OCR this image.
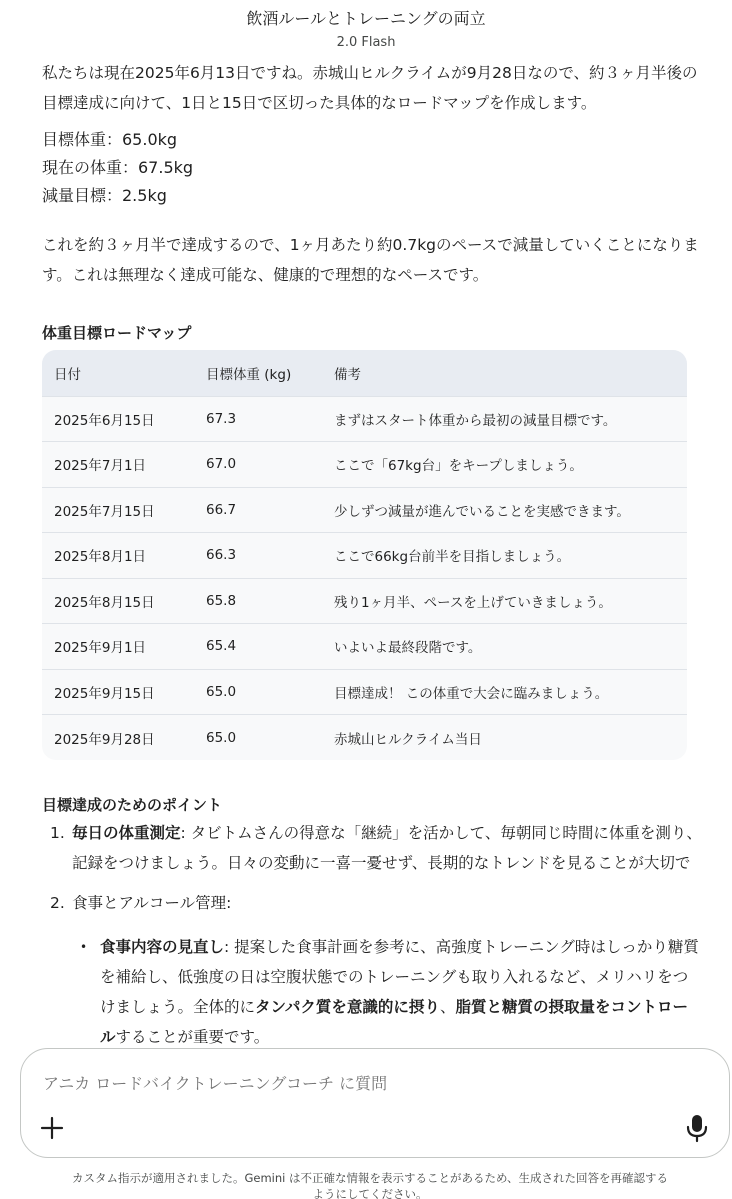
飲酒ルールとトレーニングの両立
2.0 Flash

私たちは現在2025年6月13日ですね。赤城山ヒルクライムが9月28日なので、約３ヶ月半後の目標達成に向けて、1日と15日で区切った具体的なロードマップを作成します。

目標体重：65.0kg
現在の体重：67.5kg
減量目標：2.5kg

これを約３ヶ月半で達成するので、1ヶ月あたり約0.7kgのペースで減量していくことになります。これは無理なく達成可能な、健康的で理想的なペースです。

体重目標ロードマップ
日付	目標体重 (kg)	備考
2025年6月15日	67.3	まずはスタート体重から最初の減量目標です。
2025年7月1日	67.0	ここで「67kg台」をキープしましょう。
2025年7月15日	66.7	少しずつ減量が進んでいることを実感できます。
2025年8月1日	66.3	ここで66kg台前半を目指しましょう。
2025年8月15日	65.8	残り1ヶ月半、ペースを上げていきましょう。
2025年9月1日	65.4	いよいよ最終段階です。
2025年9月15日	65.0	目標達成！ この体重で大会に臨みましょう。
2025年9月28日	65.0	赤城山ヒルクライム当日
目標達成のためのポイント
1. 毎日の体重測定: タビトムさんの得意な「継続」を活かして、毎朝同じ時間に体重を測り、記録をつけましょう。日々の変動に一喜一憂せず、長期的なトレンドを見ることが大切で
2. 食事とアルコール管理:
• 食事内容の見直し: 提案した食事計画を参考に、高強度トレーニング時はしっかり糖質を補給し、低強度の日は空腹状態でのトレーニングも取り入れるなど、メリハリをつけましょう。全体的にタンパク質を意識的に摂り、脂質と糖質の摂取量をコントロールすることが重要です。
アニカ ロードバイクトレーニングコーチ に質問
カスタム指示が適用されました。Gemini は不正確な情報を表示することがあるため、生成された回答を再確認するようにしてください。
